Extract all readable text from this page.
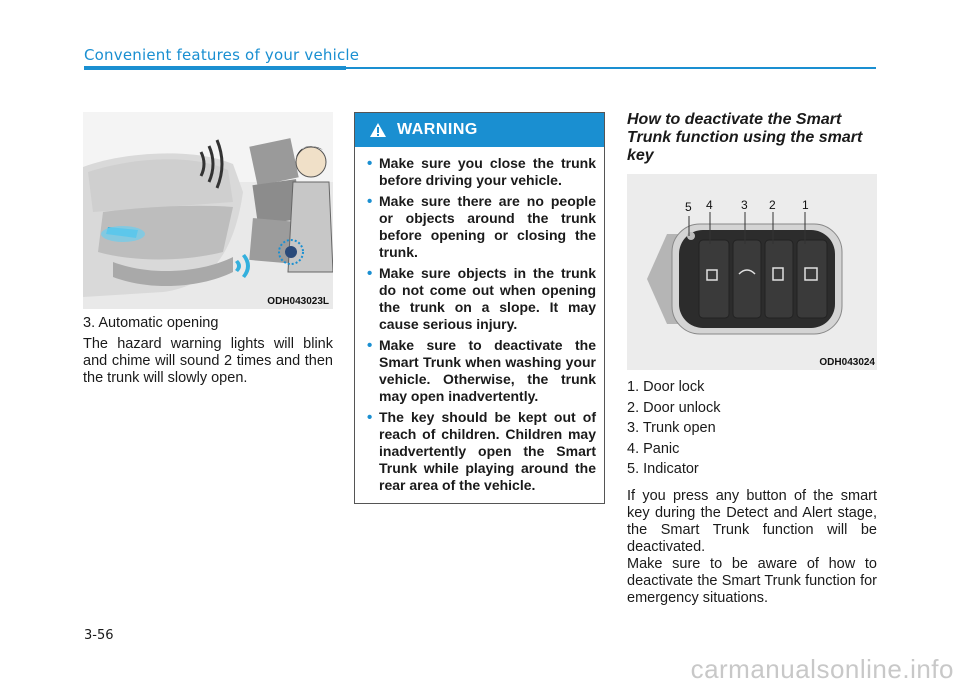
Convenient features of your vehicle
ODH043023L
3. Automatic opening
The hazard warning lights will blink and chime will sound 2 times and then the trunk will slowly open.
WARNING
• Make sure you close the trunk before driving your vehicle.
• Make sure there are no people or objects around the trunk before opening or closing the trunk.
• Make sure objects in the trunk do not come out when opening the trunk on a slope. It may cause serious injury.
• Make sure to deactivate the Smart Trunk when washing your vehicle. Otherwise, the trunk may open inadvertently.
• The key should be kept out of reach of children. Children may inadvertently open the Smart Trunk while playing around the rear area of the vehicle.
How to deactivate the Smart Trunk function using the smart key
5 4 3 2 1
ODH043024
1. Door lock
2. Door unlock
3. Trunk open
4. Panic
5. Indicator
If you press any button of the smart key during the Detect and Alert stage, the Smart Trunk function will be deactivated.
Make sure to be aware of how to deactivate the Smart Trunk function for emergency situations.
3-56
carmanualsonline.info
